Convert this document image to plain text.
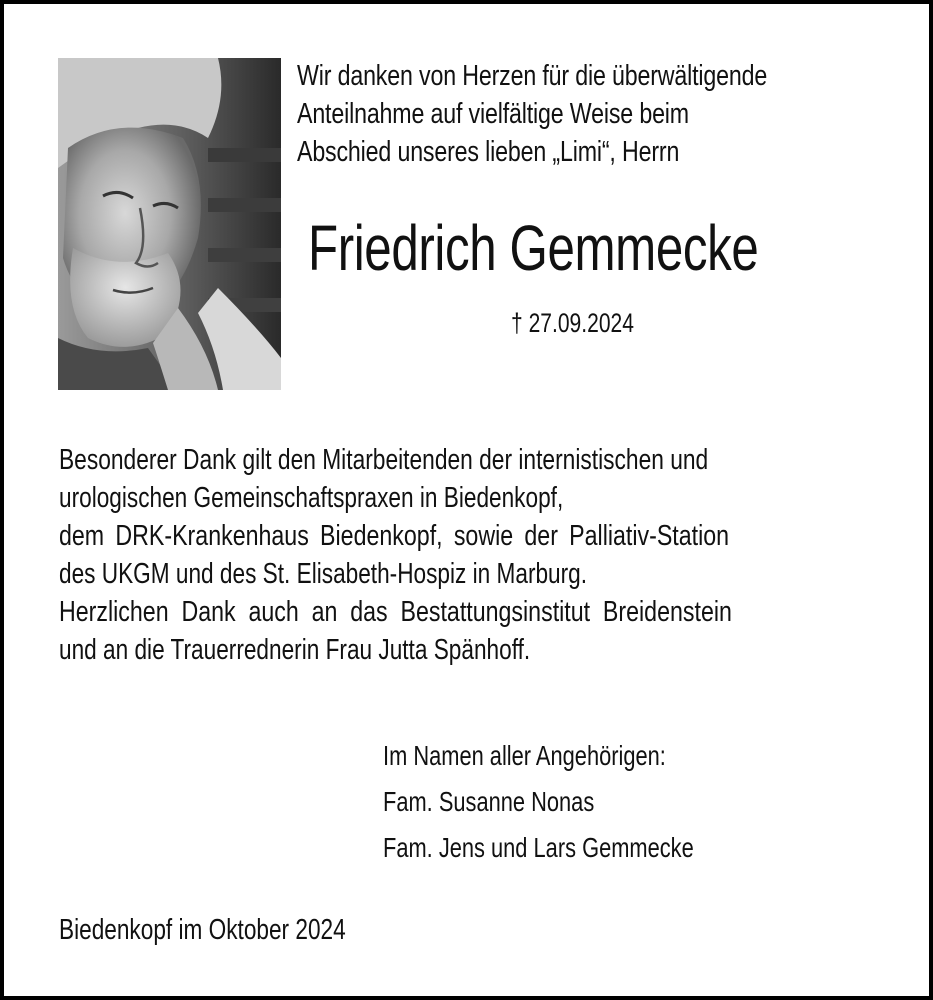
Wir danken von Herzen für die überwältigende
Anteilnahme auf vielfältige Weise beim
Abschied unseres lieben „Limi“, Herrn
Friedrich Gemmecke
† 27.09.2024
Besonderer Dank gilt den Mitarbeitenden der internistischen und
urologischen Gemeinschaftspraxen in Biedenkopf,
dem DRK-Krankenhaus Biedenkopf, sowie der Palliativ-Station
des UKGM und des St. Elisabeth-Hospiz in Marburg.
Herzlichen Dank auch an das Bestattungsinstitut Breidenstein
und an die Trauerrednerin Frau Jutta Spänhoff.
Im Namen aller Angehörigen:
Fam. Susanne Nonas
Fam. Jens und Lars Gemmecke
Biedenkopf im Oktober 2024
